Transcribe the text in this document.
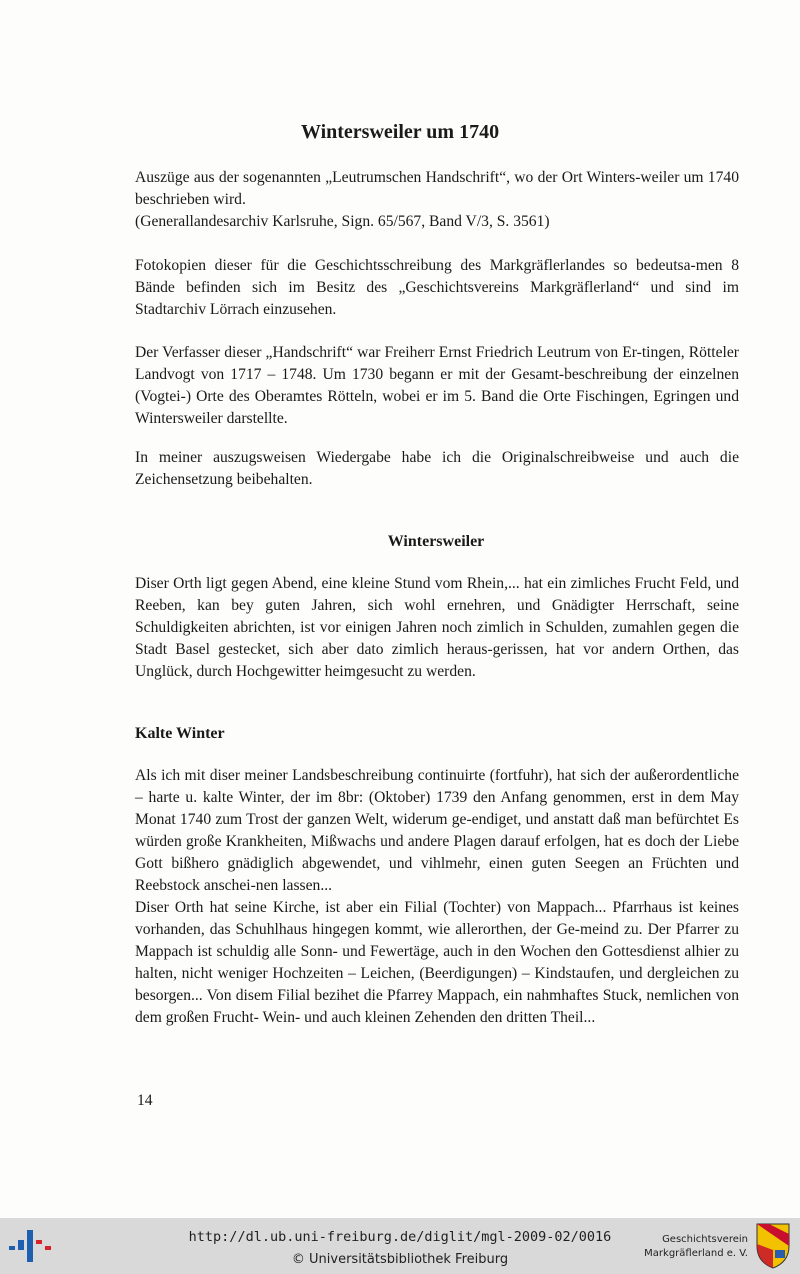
Wintersweiler um 1740

Auszüge aus der sogenannten „Leutrumschen Handschrift“, wo der Ort Winters-weiler um 1740 beschrieben wird.

(Generallandesarchiv Karlsruhe, Sign. 65/567, Band V/3, S. 3561)

Fotokopien dieser für die Geschichtsschreibung des Markgräflerlandes so bedeutsa-men 8 Bände befinden sich im Besitz des „Geschichtsvereins Markgräflerland“ und sind im Stadtarchiv Lörrach einzusehen.

Der Verfasser dieser „Handschrift“ war Freiherr Ernst Friedrich Leutrum von Er-tingen, Rötteler Landvogt von 1717 – 1748. Um 1730 begann er mit der Gesamt-beschreibung der einzelnen (Vogtei-) Orte des Oberamtes Rötteln, wobei er im 5. Band die Orte Fischingen, Egringen und Wintersweiler darstellte.

In meiner auszugsweisen Wiedergabe habe ich die Originalschreibweise und auch die Zeichensetzung beibehalten.

Wintersweiler

Diser Orth ligt gegen Abend, eine kleine Stund vom Rhein,... hat ein zimliches Frucht Feld, und Reeben, kan bey guten Jahren, sich wohl ernehren, und Gnädigter Herrschaft, seine Schuldigkeiten abrichten, ist vor einigen Jahren noch zimlich in Schulden, zumahlen gegen die Stadt Basel gestecket, sich aber dato zimlich heraus-gerissen, hat vor andern Orthen, das Unglück, durch Hochgewitter heimgesucht zu werden.

Kalte Winter

Als ich mit diser meiner Landsbeschreibung continuirte (fortfuhr), hat sich der außerordentliche – harte u. kalte Winter, der im 8br: (Oktober) 1739 den Anfang genommen, erst in dem May Monat 1740 zum Trost der ganzen Welt, widerum ge-endiget, und anstatt daß man befürchtet Es würden große Krankheiten, Mißwachs und andere Plagen darauf erfolgen, hat es doch der Liebe Gott bißhero gnädiglich abgewendet, und vihlmehr, einen guten Seegen an Früchten und Reebstock anschei-nen lassen...

Diser Orth hat seine Kirche, ist aber ein Filial (Tochter) von Mappach... Pfarrhaus ist keines vorhanden, das Schuhlhaus hingegen kommt, wie allerorthen, der Ge-meind zu. Der Pfarrer zu Mappach ist schuldig alle Sonn- und Fewertäge, auch in den Wochen den Gottesdienst alhier zu halten, nicht weniger Hochzeiten – Leichen, (Beerdigungen) – Kindstaufen, und dergleichen zu besorgen... Von disem Filial bezihet die Pfarrey Mappach, ein nahmhaftes Stuck, nemlichen von dem großen Frucht- Wein- und auch kleinen Zehenden den dritten Theil...

14
http://dl.ub.uni-freiburg.de/diglit/mgl-2009-02/0016
© Universitätsbibliothek Freiburg
Geschichtsverein
Markgräflerland e. V.
